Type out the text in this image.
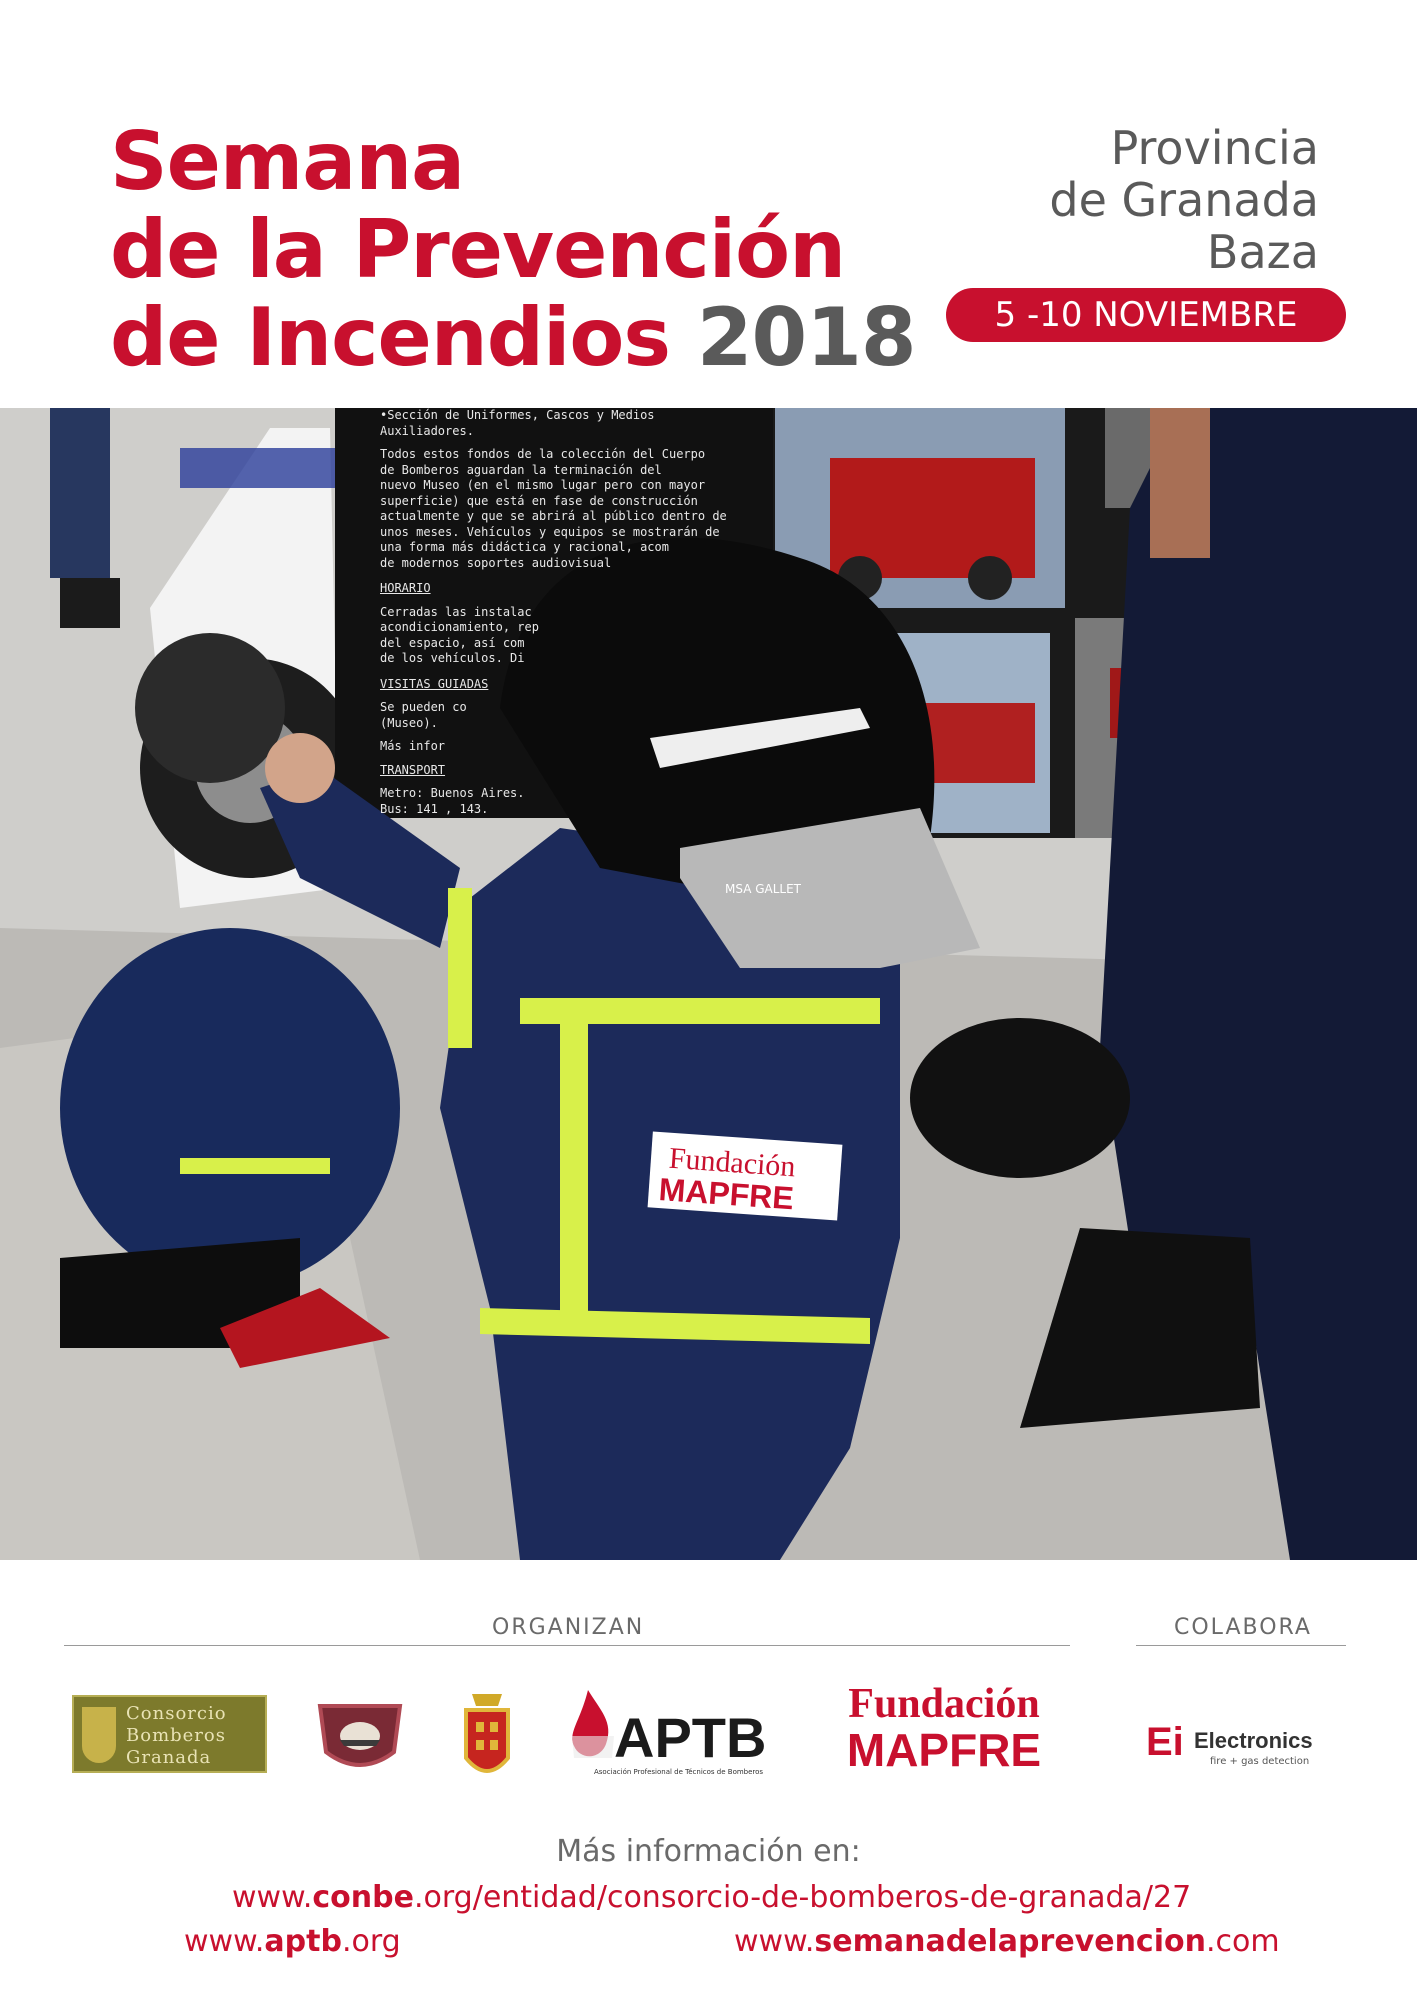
Semana
de la Prevención
de Incendios 2018
Provincia
de Granada
Baza
5 -10 NOVIEMBRE
Fundación
MAPFRE
MSA GALLET
•Sección de Uniformes, Cascos y Medios
Auxiliadores.
Todos estos fondos de la colección del Cuerpo
de Bomberos aguardan la terminación del
nuevo Museo (en el mismo lugar pero con mayor
superficie) que está en fase de construcción
actualmente y que se abrirá al público dentro de
unos meses. Vehículos y equipos se mostrarán de
una forma más didáctica y racional, acom
de modernos soportes audiovisual
HORARIO
Cerradas las instalac
acondicionamiento, rep
del espacio, así com
de los vehículos. Di
VISITAS GUIADAS
Se pueden co
(Museo).
Más infor
TRANSPORT
Metro: Buenos Aires.
Bus: 141 , 143.
ORGANIZAN	COLABORA
Consorcio
Bomberos
Granada	APTB
Asociación Profesional de Técnicos de Bomberos
Fundación
MAPFRE	Ei Electronics
fire + gas detection
Más información en:
www.conbe.org/entidad/consorcio-de-bomberos-de-granada/27
www.aptb.org	www.semanadelaprevencion.com
